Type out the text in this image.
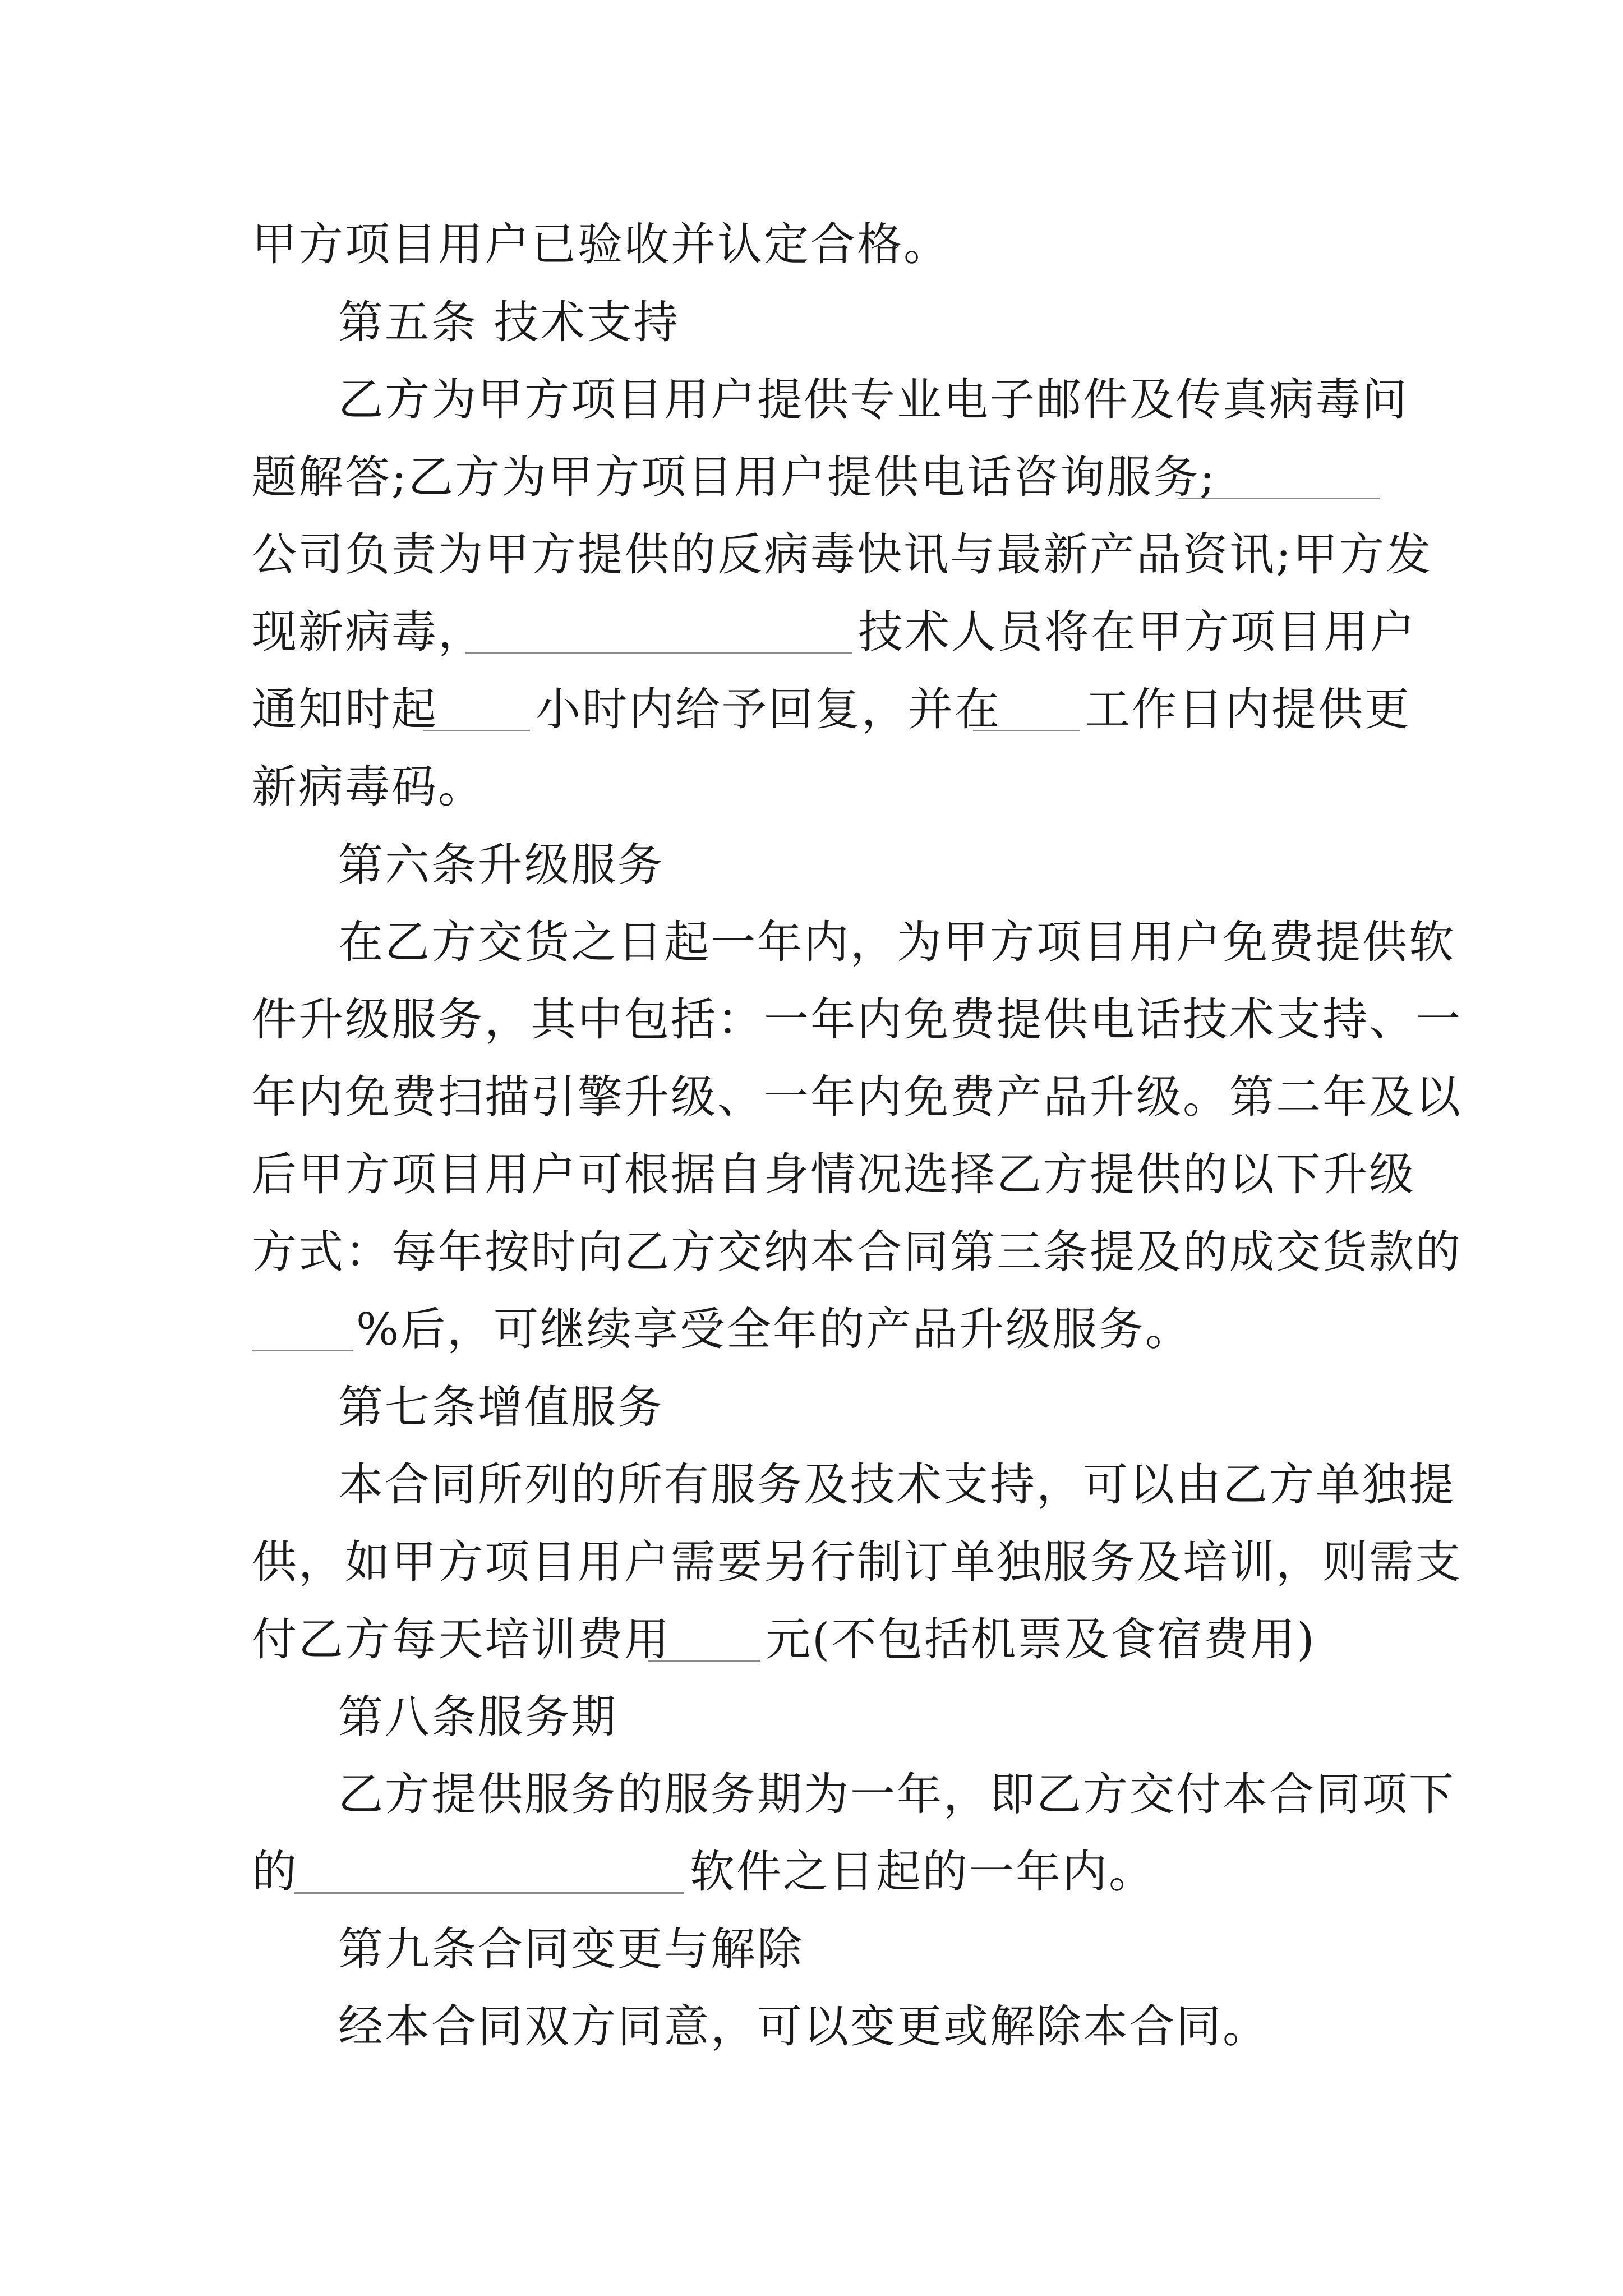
甲方项目用户已验收并认定合格。
第五条 技术支持
乙方为甲方项目用户提供专业电子邮件及传真病毒问
题解答;乙方为甲方项目用户提供电话咨询服务;
公司负责为甲方提供的反病毒快讯与最新产品资讯;甲方发
现新病毒，	技术人员将在甲方项目用户
通知时起 小时内给予回复，并在 工作日内提供更
新病毒码。
第六条升级服务
在乙方交货之日起一年内，为甲方项目用户免费提供软
件升级服务，其中包括：一年内免费提供电话技术支持、一
年内免费扫描引擎升级、一年内免费产品升级。第二年及以
后甲方项目用户可根据自身情况选择乙方提供的以下升级
方式：每年按时向乙方交纳本合同第三条提及的成交货款的
%后，可继续享受全年的产品升级服务。
第七条增值服务
本合同所列的所有服务及技术支持，可以由乙方单独提
供，如甲方项目用户需要另行制订单独服务及培训，则需支
付乙方每天培训费用 元(不包括机票及食宿费用)
第八条服务期
乙方提供服务的服务期为一年，即乙方交付本合同项下
的	软件之日起的一年内。
第九条合同变更与解除
经本合同双方同意，可以变更或解除本合同。
